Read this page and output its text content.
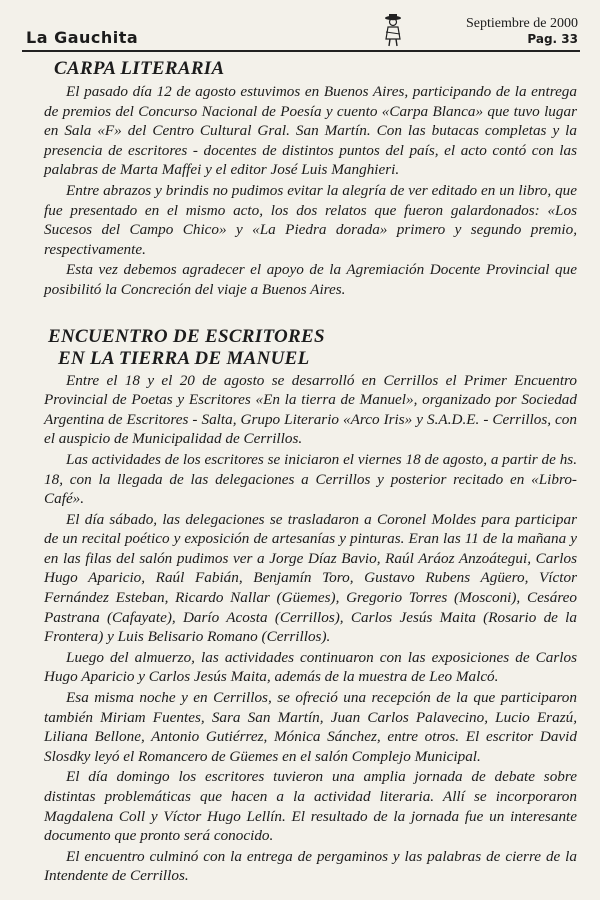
La Gauchita
Septiembre de 2000
Pag. 33
CARPA LITERARIA

El pasado día 12 de agosto estuvimos en Buenos Aires, participando de la entrega de premios del Concurso Nacional de Poesía y cuento «Carpa Blanca» que tuvo lugar en Sala «F» del Centro Cultural Gral. San Martín. Con las butacas completas y la presencia de escritores - docentes de distintos puntos del país, el acto contó con las palabras de Marta Maffei y el editor José Luis Manghieri.

Entre abrazos y brindis no pudimos evitar la alegría de ver editado en un libro, que fue presentado en el mismo acto, los dos relatos que fueron galardonados: «Los Sucesos del Campo Chico» y «La Piedra dorada» primero y segundo premio, respectivamente.

Esta vez debemos agradecer el apoyo de la Agremiación Docente Provincial que posibilitó la Concreción del viaje a Buenos Aires.

ENCUENTRO DE ESCRITORES
EN LA TIERRA DE MANUEL

Entre el 18 y el 20 de agosto se desarrolló en Cerrillos el Primer Encuentro Provincial de Poetas y Escritores «En la tierra de Manuel», organizado por Sociedad Argentina de Escritores - Salta, Grupo Literario «Arco Iris» y S.A.D.E. - Cerrillos, con el auspicio de Municipalidad de Cerrillos.

Las actividades de los escritores se iniciaron el viernes 18 de agosto, a partir de hs. 18, con la llegada de las delegaciones a Cerrillos y posterior recitado en «Libro-Café».

El día sábado, las delegaciones se trasladaron a Coronel Moldes para participar de un recital poético y exposición de artesanías y pinturas. Eran las 11 de la mañana y en las filas del salón pudimos ver a Jorge Díaz Bavio, Raúl Aráoz Anzoátegui, Carlos Hugo Aparicio, Raúl Fabián, Benjamín Toro, Gustavo Rubens Agüero, Víctor Fernández Esteban, Ricardo Nallar (Güemes), Gregorio Torres (Mosconi), Cesáreo Pastrana (Cafayate), Darío Acosta (Cerrillos), Carlos Jesús Maita (Rosario de la Frontera) y Luis Belisario Romano (Cerrillos).

Luego del almuerzo, las actividades continuaron con las exposiciones de Carlos Hugo Aparicio y Carlos Jesús Maita, además de la muestra de Leo Malcó.

Esa misma noche y en Cerrillos, se ofreció una recepción de la que participaron también Miriam Fuentes, Sara San Martín, Juan Carlos Palavecino, Lucio Erazú, Liliana Bellone, Antonio Gutiérrez, Mónica Sánchez, entre otros. El escritor David Slosdky leyó el Romancero de Güemes en el salón Complejo Municipal.

El día domingo los escritores tuvieron una amplia jornada de debate sobre distintas problemáticas que hacen a la actividad literaria. Allí se incorporaron Magdalena Coll y Víctor Hugo Lellín. El resultado de la jornada fue un interesante documento que pronto será conocido.

El encuentro culminó con la entrega de pergaminos y las palabras de cierre de la Intendente de Cerrillos.
